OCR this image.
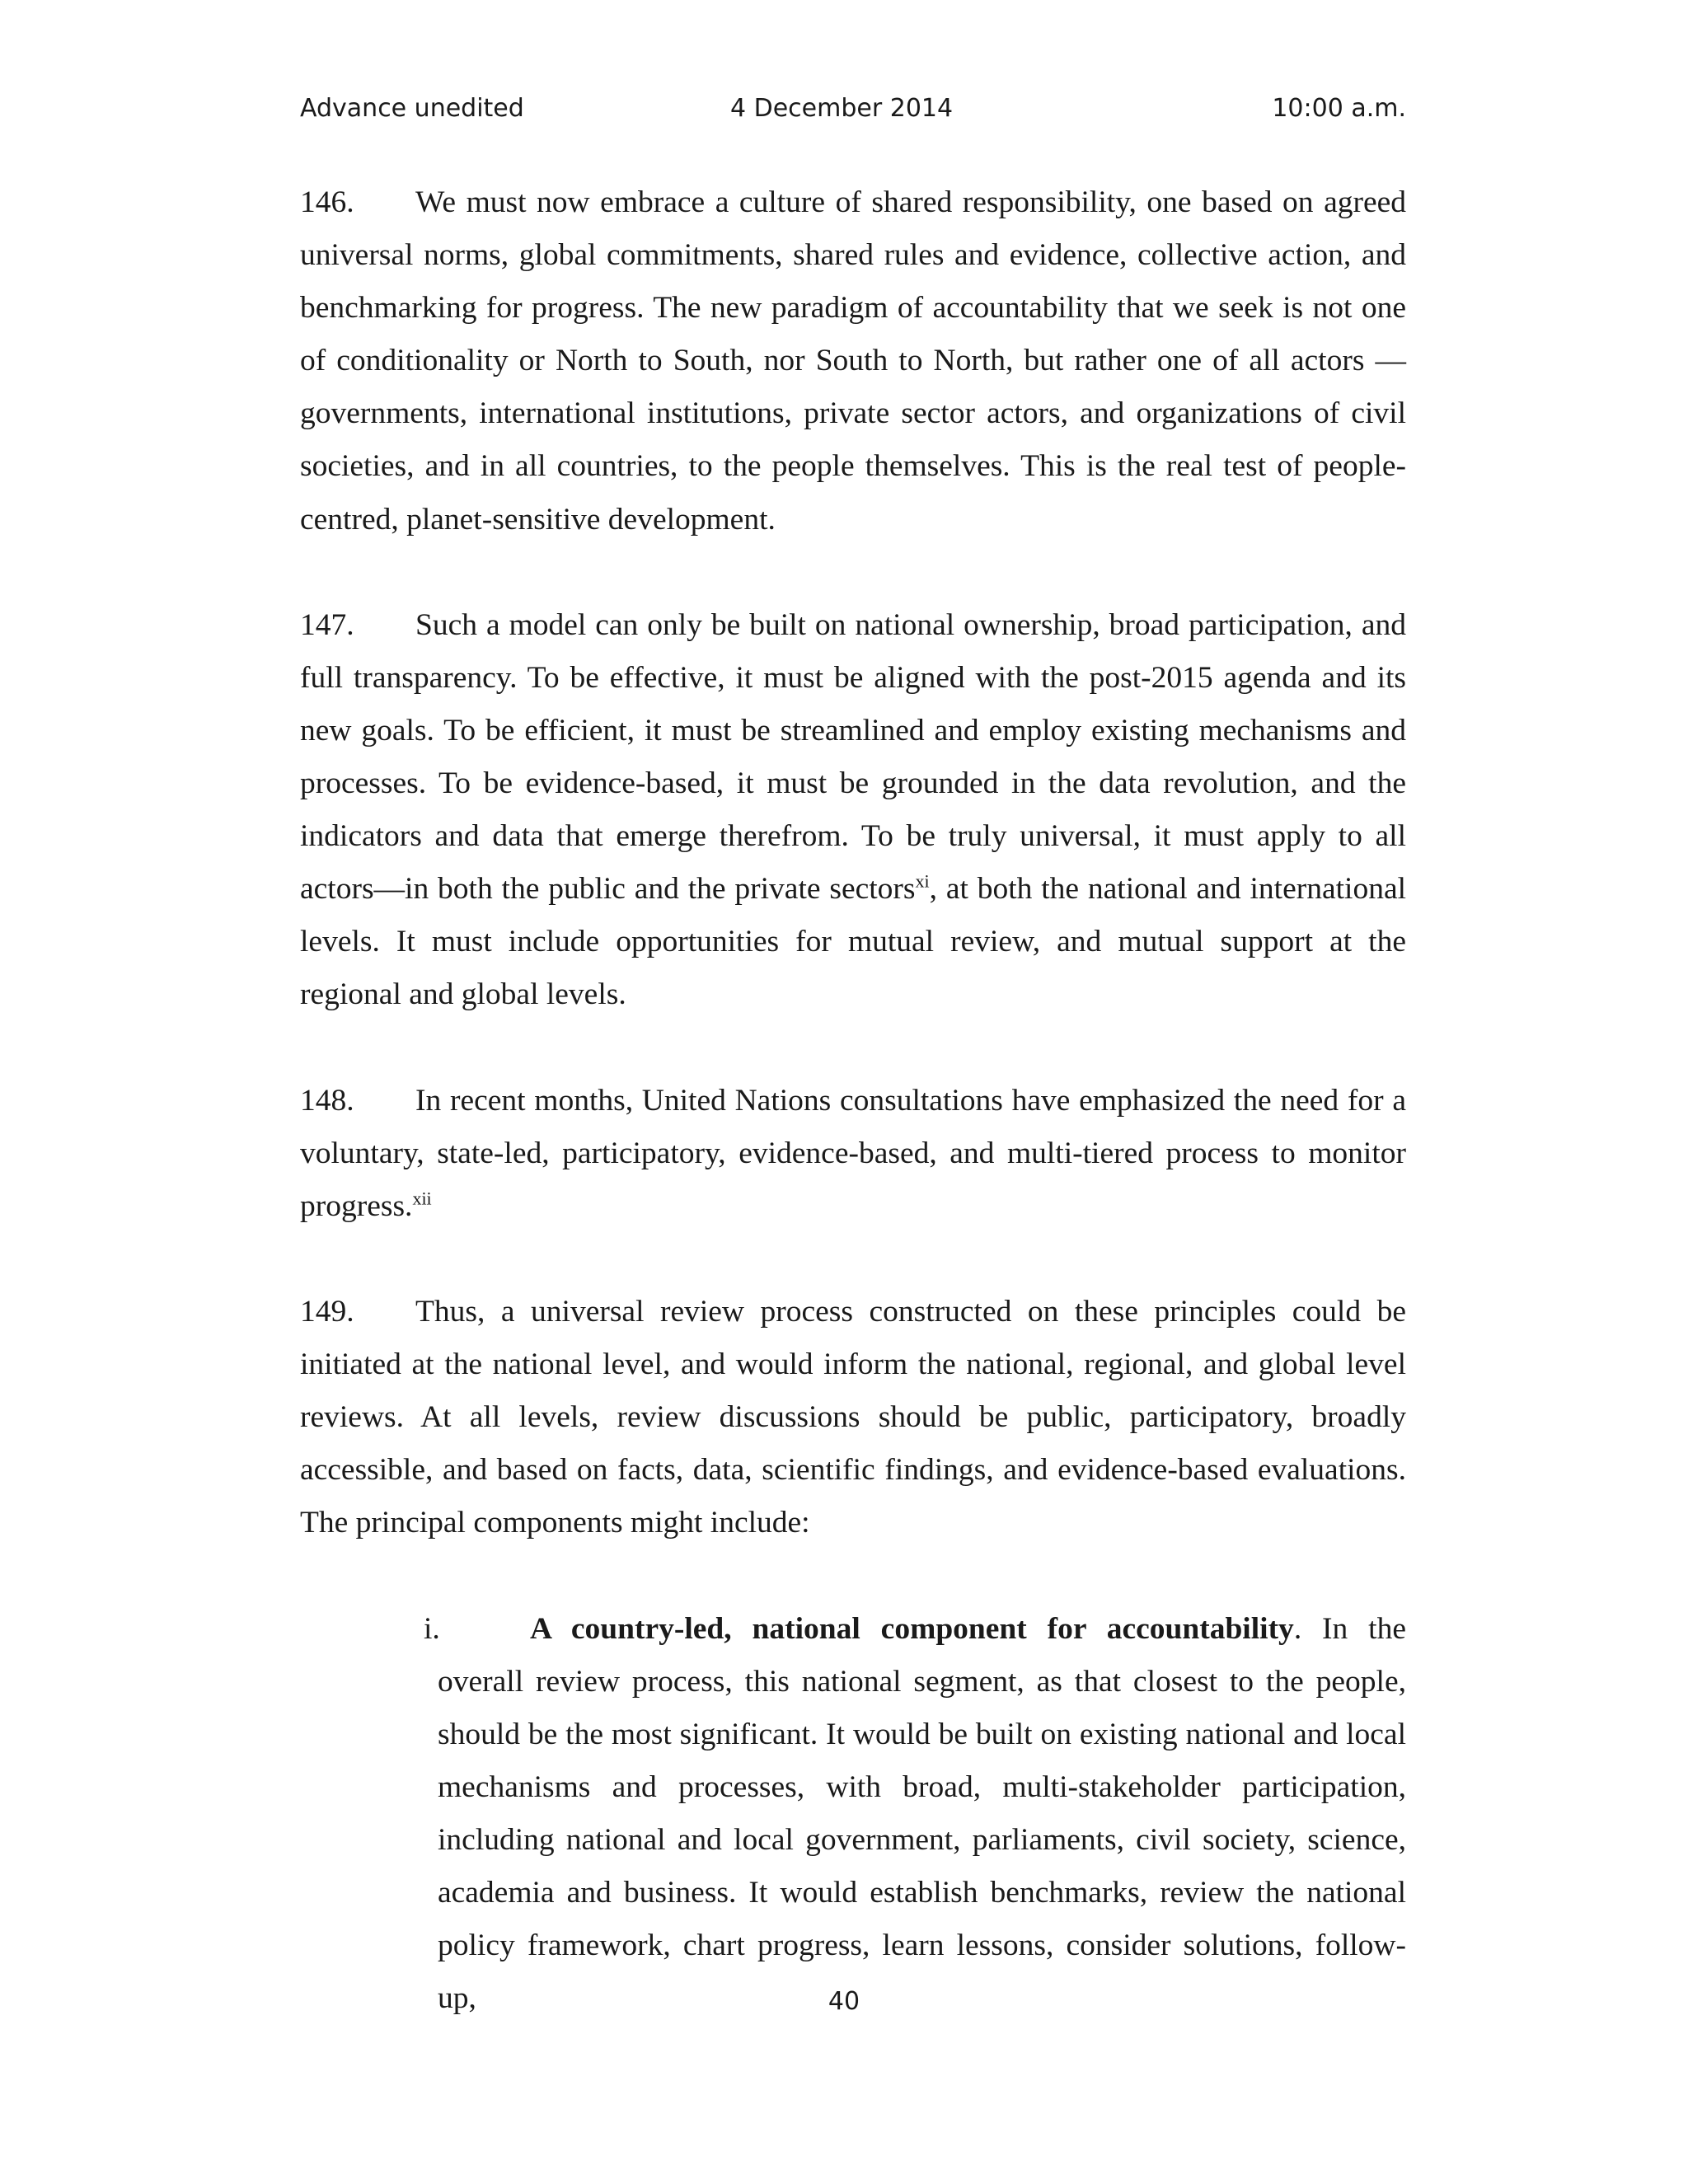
Advance unedited	4 December 2014	10:00 a.m.

146. We must now embrace a culture of shared responsibility, one based on agreed universal norms, global commitments, shared rules and evidence, collective action, and benchmarking for progress. The new paradigm of accountability that we seek is not one of conditionality or North to South, nor South to North, but rather one of all actors — governments, international institutions, private sector actors, and organizations of civil societies, and in all countries, to the people themselves. This is the real test of people-centred, planet-sensitive development.

147. Such a model can only be built on national ownership, broad participation, and full transparency. To be effective, it must be aligned with the post-2015 agenda and its new goals. To be efficient, it must be streamlined and employ existing mechanisms and processes. To be evidence-based, it must be grounded in the data revolution, and the indicators and data that emerge therefrom. To be truly universal, it must apply to all actors—in both the public and the private sectors$^{xi}$, at both the national and international levels. It must include opportunities for mutual review, and mutual support at the regional and global levels.

148. In recent months, United Nations consultations have emphasized the need for a voluntary, state-led, participatory, evidence-based, and multi-tiered process to monitor progress.$^{xii}$

149. Thus, a universal review process constructed on these principles could be initiated at the national level, and would inform the national, regional, and global level reviews. At all levels, review discussions should be public, participatory, broadly accessible, and based on facts, data, scientific findings, and evidence-based evaluations. The principal components might include:

i.	A country-led, national component for accountability. In the overall review process, this national segment, as that closest to the people, should be the most significant. It would be built on existing national and local mechanisms and processes, with broad, multi-stakeholder participation, including national and local government, parliaments, civil society, science, academia and business. It would establish benchmarks, review the national policy framework, chart progress, learn lessons, consider solutions, follow-up,	40
